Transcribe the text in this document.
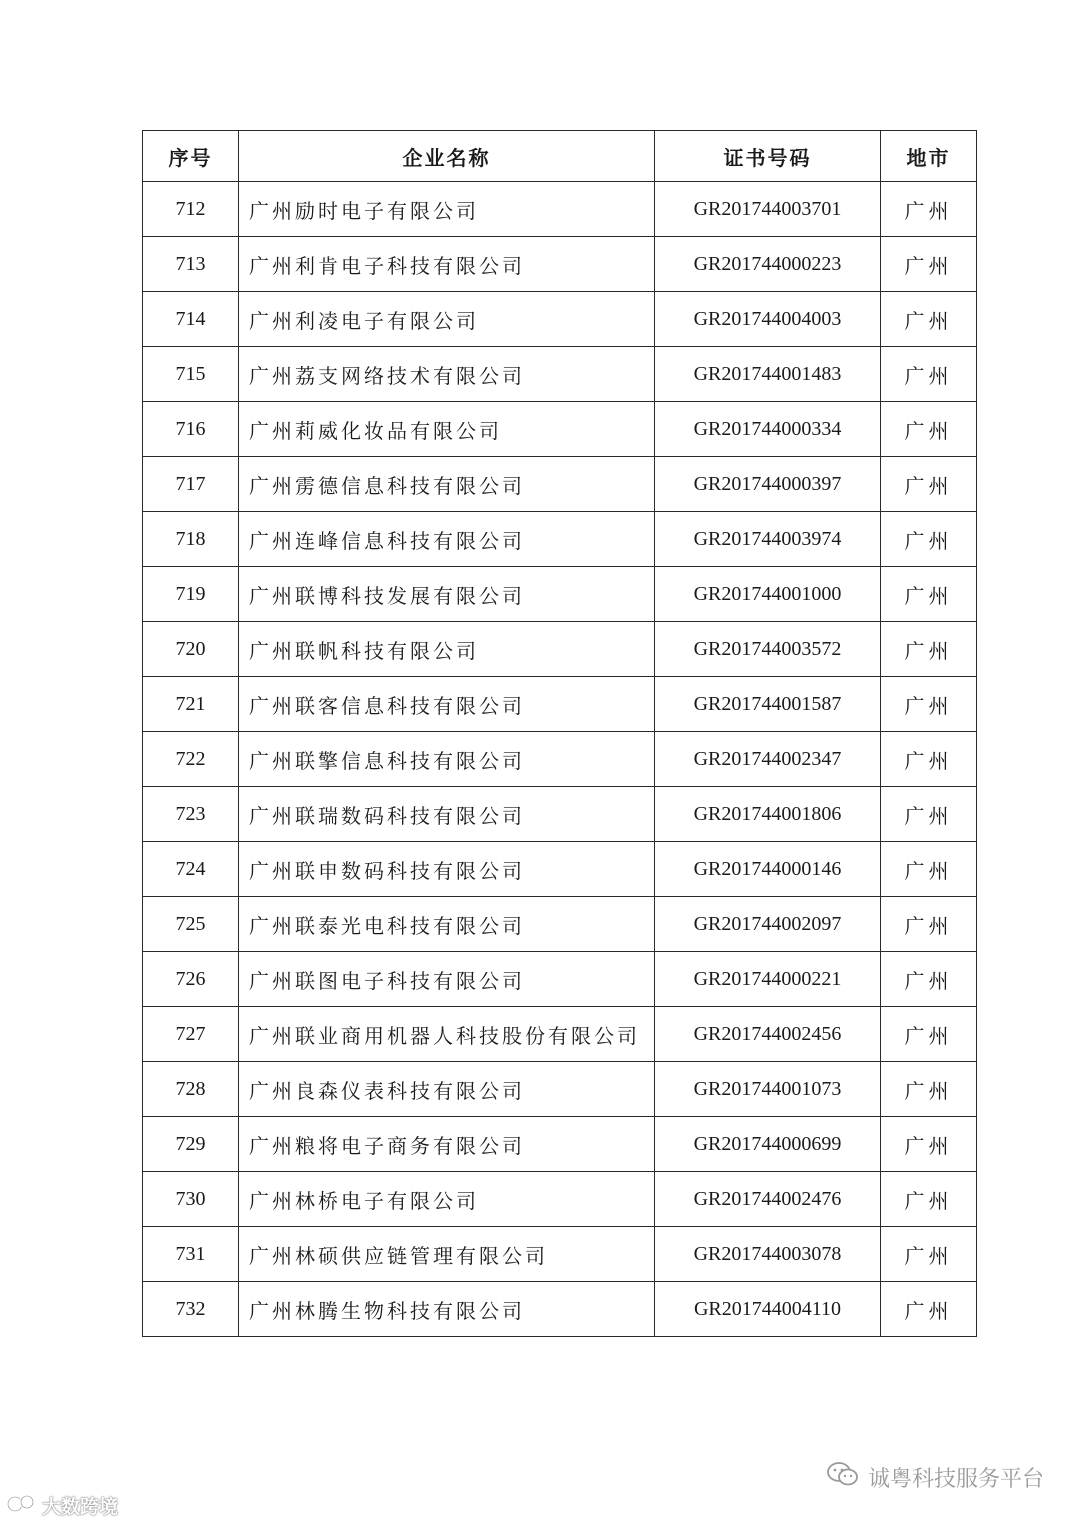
序号	企业名称	证书号码	地市
712	广州励时电子有限公司	GR201744003701	广州
713	广州利肯电子科技有限公司	GR201744000223	广州
714	广州利凌电子有限公司	GR201744004003	广州
715	广州荔支网络技术有限公司	GR201744001483	广州
716	广州莉威化妆品有限公司	GR201744000334	广州
717	广州雳德信息科技有限公司	GR201744000397	广州
718	广州连峰信息科技有限公司	GR201744003974	广州
719	广州联博科技发展有限公司	GR201744001000	广州
720	广州联帆科技有限公司	GR201744003572	广州
721	广州联客信息科技有限公司	GR201744001587	广州
722	广州联擎信息科技有限公司	GR201744002347	广州
723	广州联瑞数码科技有限公司	GR201744001806	广州
724	广州联申数码科技有限公司	GR201744000146	广州
725	广州联泰光电科技有限公司	GR201744002097	广州
726	广州联图电子科技有限公司	GR201744000221	广州
727	广州联业商用机器人科技股份有限公司	GR201744002456	广州
728	广州良森仪表科技有限公司	GR201744001073	广州
729	广州粮将电子商务有限公司	GR201744000699	广州
730	广州林桥电子有限公司	GR201744002476	广州
731	广州林硕供应链管理有限公司	GR201744003078	广州
732	广州林腾生物科技有限公司	GR201744004110	广州
大数跨境
诚粤科技服务平台
